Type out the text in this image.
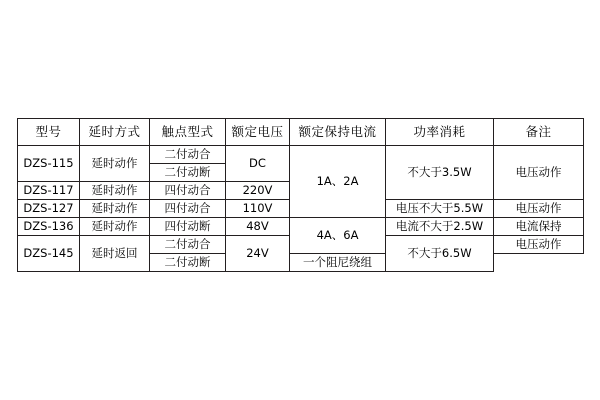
型号	延时方式	触点型式	额定电压	额定保持电流	功率消耗	备注
DZS-115	延时动作	二付动合	DC	1A、2A	不大于3.5W	电压动作
		二付动断				
DZS-117	延时动作	四付动合	220V			
DZS-127	延时动作	四付动合	110V		电压不大于5.5W	电压动作
DZS-136	延时动作	四付动断	48V	4A、6A	电流不大于2.5W	电流保持
DZS-145	延时返回	二付动合	24V		不大于6.5W	电压动作
		二付动断		一个阻尼绕组		
